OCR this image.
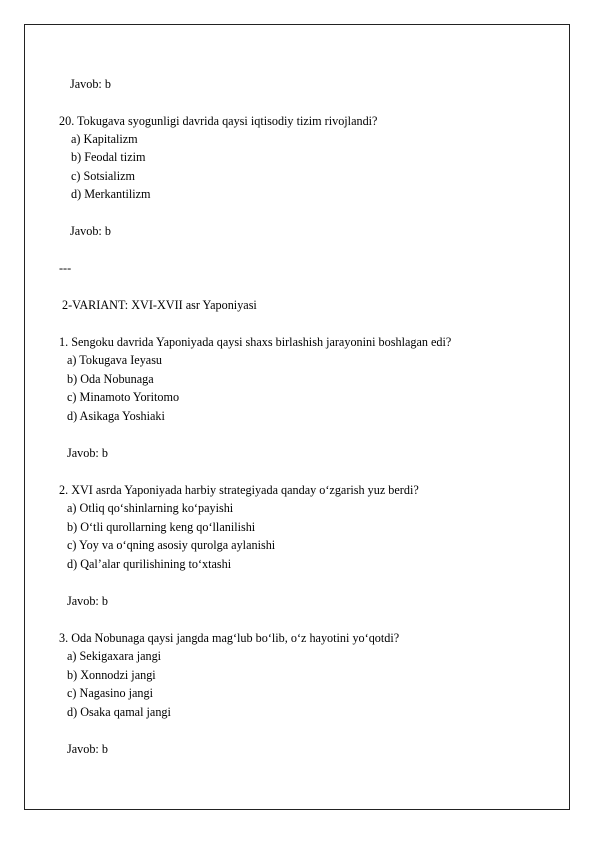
Javob: b
20. Tokugava syogunligi davrida qaysi iqtisodiy tizim rivojlandi?
a) Kapitalizm
b) Feodal tizim
c) Sotsializm
d) Merkantilizm
Javob: b
---
2-VARIANT: XVI-XVII asr Yaponiyasi
1. Sengoku davrida Yaponiyada qaysi shaxs birlashish jarayonini boshlagan edi?
a) Tokugava Ieyasu
b) Oda Nobunaga
c) Minamoto Yoritomo
d) Asikaga Yoshiaki
Javob: b
2. XVI asrda Yaponiyada harbiy strategiyada qanday o‘zgarish yuz berdi?
a) Otliq qo‘shinlarning ko‘payishi
b) O‘tli qurollarning keng qo‘llanilishi
c) Yoy va o‘qning asosiy qurolga aylanishi
d) Qal’alar qurilishining to‘xtashi
Javob: b
3. Oda Nobunaga qaysi jangda mag‘lub bo‘lib, o‘z hayotini yo‘qotdi?
a) Sekigaxara jangi
b) Xonnodzi jangi
c) Nagasino jangi
d) Osaka qamal jangi
Javob: b
